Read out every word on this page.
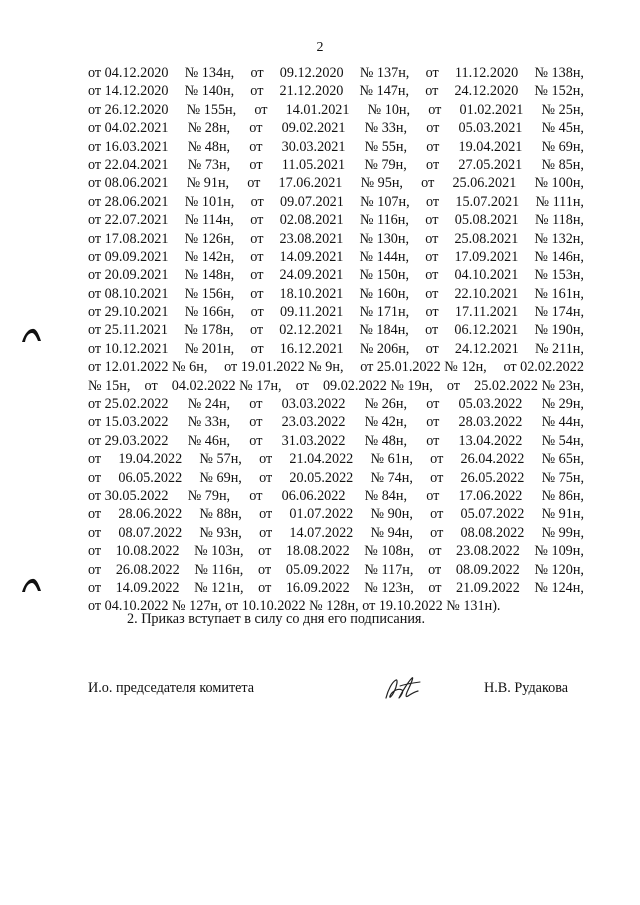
2
от 04.12.2020 № 134н, от 09.12.2020 № 137н, от 11.12.2020 № 138н,
от 14.12.2020 № 140н, от 21.12.2020 № 147н, от 24.12.2020 № 152н,
от 26.12.2020 № 155н, от 14.01.2021 № 10н, от 01.02.2021 № 25н,
от 04.02.2021 № 28н, от 09.02.2021 № 33н, от 05.03.2021 № 45н,
от 16.03.2021 № 48н, от 30.03.2021 № 55н, от 19.04.2021 № 69н,
от 22.04.2021 № 73н, от 11.05.2021 № 79н, от 27.05.2021 № 85н,
от 08.06.2021 № 91н, от 17.06.2021 № 95н, от 25.06.2021 № 100н,
от 28.06.2021 № 101н, от 09.07.2021 № 107н, от 15.07.2021 № 111н,
от 22.07.2021 № 114н, от 02.08.2021 № 116н, от 05.08.2021 № 118н,
от 17.08.2021 № 126н, от 23.08.2021 № 130н, от 25.08.2021 № 132н,
от 09.09.2021 № 142н, от 14.09.2021 № 144н, от 17.09.2021 № 146н,
от 20.09.2021 № 148н, от 24.09.2021 № 150н, от 04.10.2021 № 153н,
от 08.10.2021 № 156н, от 18.10.2021 № 160н, от 22.10.2021 № 161н,
от 29.10.2021 № 166н, от 09.11.2021 № 171н, от 17.11.2021 № 174н,
от 25.11.2021 № 178н, от 02.12.2021 № 184н, от 06.12.2021 № 190н,
от 10.12.2021 № 201н, от 16.12.2021 № 206н, от 24.12.2021 № 211н,
от 12.01.2022 № 6н, от 19.01.2022 № 9н, от 25.01.2022 № 12н, от 02.02.2022
№ 15н, от 04.02.2022 № 17н, от 09.02.2022 № 19н, от 25.02.2022 № 23н,
от 25.02.2022 № 24н, от 03.03.2022 № 26н, от 05.03.2022 № 29н,
от 15.03.2022 № 33н, от 23.03.2022 № 42н, от 28.03.2022 № 44н,
от 29.03.2022 № 46н, от 31.03.2022 № 48н, от 13.04.2022 № 54н,
от 19.04.2022 № 57н, от 21.04.2022 № 61н, от 26.04.2022 № 65н,
от 06.05.2022 № 69н, от 20.05.2022 № 74н, от 26.05.2022 № 75н,
от 30.05.2022 № 79н, от 06.06.2022 № 84н, от 17.06.2022 № 86н,
от 28.06.2022 № 88н, от 01.07.2022 № 90н, от 05.07.2022 № 91н,
от 08.07.2022 № 93н, от 14.07.2022 № 94н, от 08.08.2022 № 99н,
от 10.08.2022 № 103н, от 18.08.2022 № 108н, от 23.08.2022 № 109н,
от 26.08.2022 № 116н, от 05.09.2022 № 117н, от 08.09.2022 № 120н,
от 14.09.2022 № 121н, от 16.09.2022 № 123н, от 21.09.2022 № 124н,
от 04.10.2022 № 127н, от 10.10.2022 № 128н, от 19.10.2022 № 131н).
2. Приказ вступает в силу со дня его подписания.
И.о. председателя комитета	Н.В. Рудакова
